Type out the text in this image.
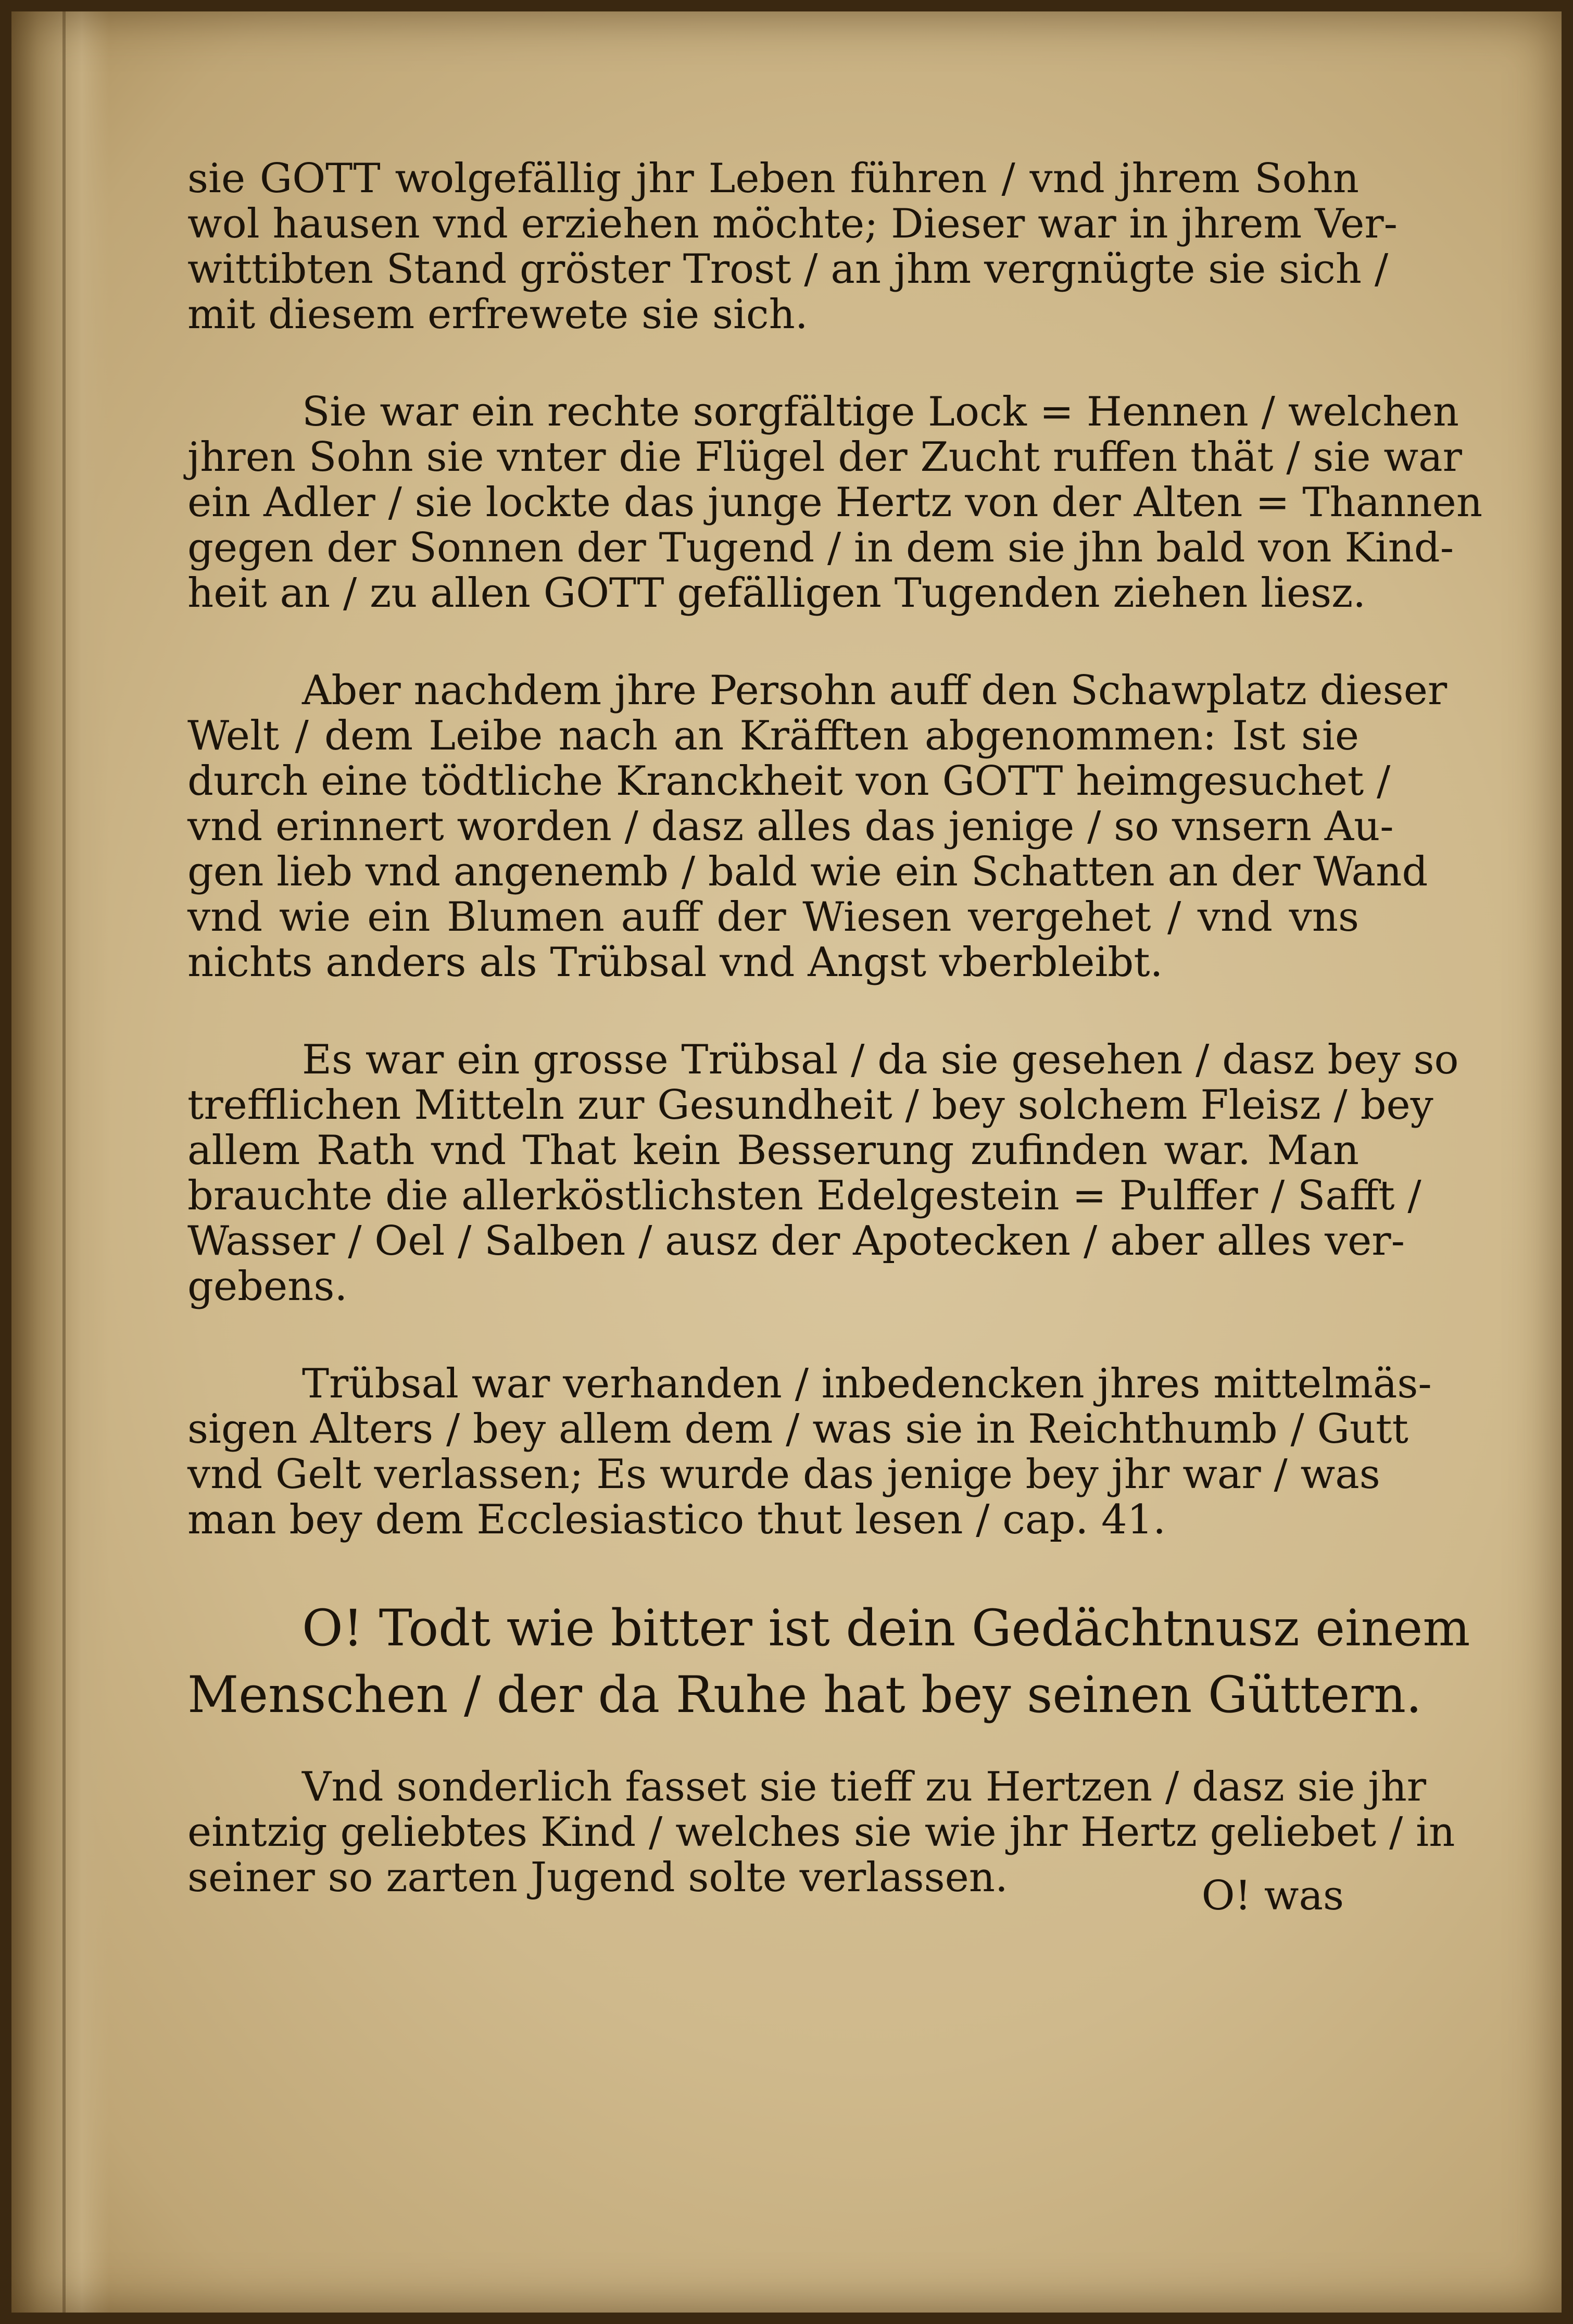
sie GOTT wolgefällig jhr Leben führen / vnd jhrem Sohn

wol hausen vnd erziehen möchte; Dieser war in jhrem Ver-

wittibten Stand gröster Trost / an jhm vergnügte sie sich /

mit diesem erfrewete sie sich.

Sie war ein rechte sorgfältige Lock = Hennen / welchen

jhren Sohn sie vnter die Flügel der Zucht ruffen thät / sie war

ein Adler / sie lockte das junge Hertz von der Alten = Thannen

gegen der Sonnen der Tugend / in dem sie jhn bald von Kind-

heit an / zu allen GOTT gefälligen Tugenden ziehen liesz.

Aber nachdem jhre Persohn auff den Schawplatz dieser

Welt / dem Leibe nach an Kräfften abgenommen: Ist sie

durch eine tödtliche Kranckheit von GOTT heimgesuchet /

vnd erinnert worden / dasz alles das jenige / so vnsern Au-

gen lieb vnd angenemb / bald wie ein Schatten an der Wand

vnd wie ein Blumen auff der Wiesen vergehet / vnd vns

nichts anders als Trübsal vnd Angst vberbleibt.

Es war ein grosse Trübsal / da sie gesehen / dasz bey so

trefflichen Mitteln zur Gesundheit / bey solchem Fleisz / bey

allem Rath vnd That kein Besserung zufinden war. Man

brauchte die allerköstlichsten Edelgestein = Pulffer / Safft /

Wasser / Oel / Salben / ausz der Apotecken / aber alles ver-

gebens.

Trübsal war verhanden / inbedencken jhres mittelmäs-

sigen Alters / bey allem dem / was sie in Reichthumb / Gutt

vnd Gelt verlassen; Es wurde das jenige bey jhr war / was

man bey dem Ecclesiastico thut lesen / cap. 41.

O! Todt wie bitter ist dein Gedächtnusz einem

Menschen / der da Ruhe hat bey seinen Güttern.

Vnd sonderlich fasset sie tieff zu Hertzen / dasz sie jhr

eintzig geliebtes Kind / welches sie wie jhr Hertz geliebet / in

seiner so zarten Jugend solte verlassen.	O! was
